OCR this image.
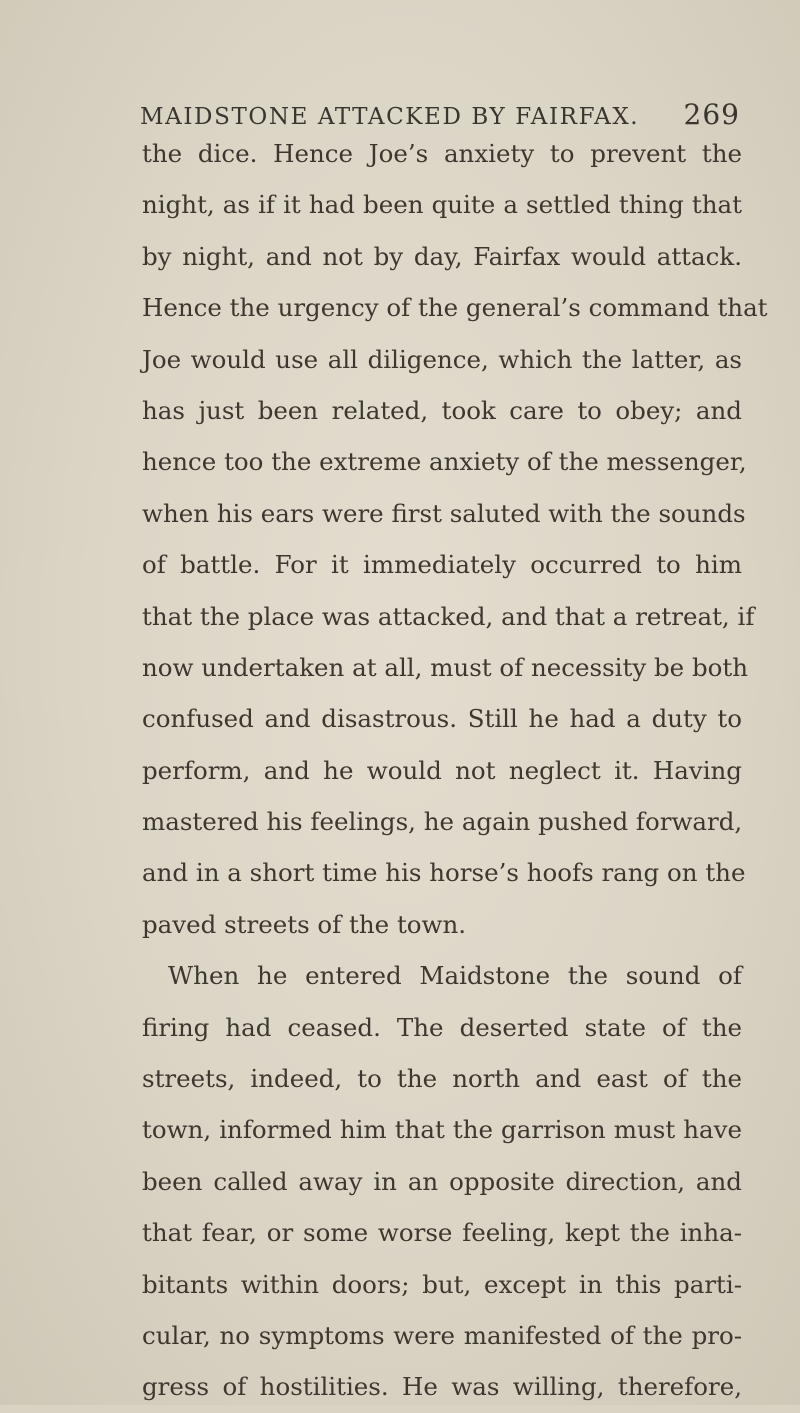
MAIDSTONE ATTACKED BY FAIRFAX. 269
the dice. Hence Joe’s anxiety to prevent the
night, as if it had been quite a settled thing that
by night, and not by day, Fairfax would attack.
Hence the urgency of the general’s command that
Joe would use all diligence, which the latter, as
has just been related, took care to obey; and
hence too the extreme anxiety of the messenger,
when his ears were first saluted with the sounds
of battle. For it immediately occurred to him
that the place was attacked, and that a retreat, if
now undertaken at all, must of necessity be both
confused and disastrous. Still he had a duty to
perform, and he would not neglect it. Having
mastered his feelings, he again pushed forward,
and in a short time his horse’s hoofs rang on the
paved streets of the town.
When he entered Maidstone the sound of
firing had ceased. The deserted state of the
streets, indeed, to the north and east of the
town, informed him that the garrison must have
been called away in an opposite direction, and
that fear, or some worse feeling, kept the inha-
bitants within doors; but, except in this parti-
cular, no symptoms were manifested of the pro-
gress of hostilities. He was willing, therefore,
